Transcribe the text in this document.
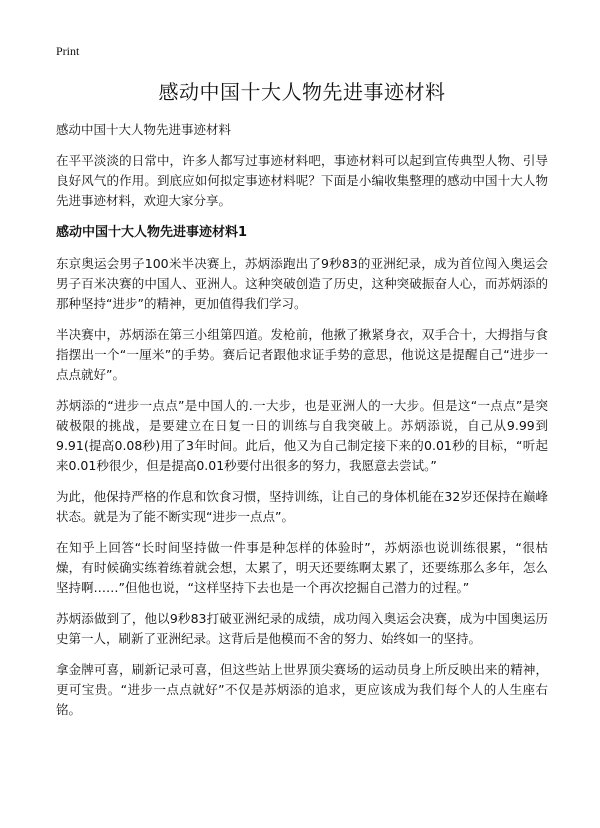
Print
感动中国十大人物先进事迹材料

感动中国十大人物先进事迹材料

在平平淡淡的日常中，许多人都写过事迹材料吧，事迹材料可以起到宣传典型人物、引导良好风气的作用。到底应如何拟定事迹材料呢？下面是小编收集整理的感动中国十大人物先进事迹材料，欢迎大家分享。

感动中国十大人物先进事迹材料1

东京奥运会男子100米半决赛上，苏炳添跑出了9秒83的亚洲纪录，成为首位闯入奥运会男子百米决赛的中国人、亚洲人。这种突破创造了历史，这种突破振奋人心，而苏炳添的那种坚持“进步”的精神，更加值得我们学习。

半决赛中，苏炳添在第三小组第四道。发枪前，他揪了揪紧身衣，双手合十，大拇指与食指摆出一个“一厘米”的手势。赛后记者跟他求证手势的意思，他说这是提醒自己“进步一点点就好”。

苏炳添的“进步一点点”是中国人的.一大步，也是亚洲人的一大步。但是这“一点点”是突破极限的挑战，是要建立在日复一日的训练与自我突破上。苏炳添说，自己从9.99到9.91(提高0.08秒)用了3年时间。此后，他又为自己制定接下来的0.01秒的目标，“听起来0.01秒很少，但是提高0.01秒要付出很多的努力，我愿意去尝试。”

为此，他保持严格的作息和饮食习惯，坚持训练，让自己的身体机能在32岁还保持在巅峰状态。就是为了能不断实现“进步一点点”。

在知乎上回答“长时间坚持做一件事是种怎样的体验时”，苏炳添也说训练很累，“很枯燥，有时候确实练着练着就会想，太累了，明天还要练啊太累了，还要练那么多年，怎么坚持啊……”但他也说，“这样坚持下去也是一个再次挖掘自己潜力的过程。”

苏炳添做到了，他以9秒83打破亚洲纪录的成绩，成功闯入奥运会决赛，成为中国奥运历史第一人，刷新了亚洲纪录。这背后是他模而不舍的努力、始终如一的坚持。

拿金牌可喜，刷新记录可喜，但这些站上世界顶尖赛场的运动员身上所反映出来的精神，更可宝贵。“进步一点点就好”不仅是苏炳添的追求，更应该成为我们每个人的人生座右铭。
